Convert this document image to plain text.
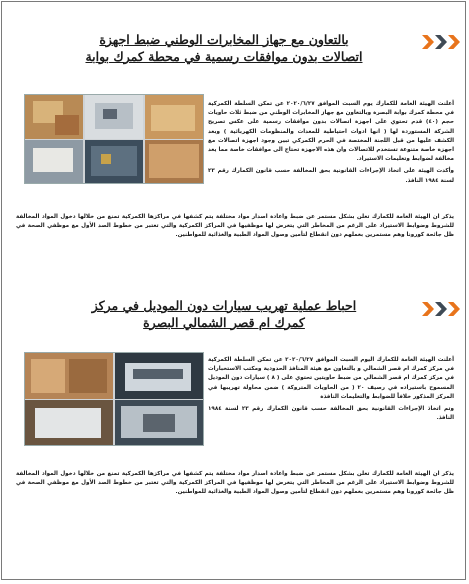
بالتعاون مع جهاز المخابرات الوطني ضبط اجهزة
اتصالات بدون موافقات رسمية في محطة كمرك بوابة

أعلنت الهيئة العامة للكمارك يوم السبت الموافق ٢٠٢٠/٦/٢٧ عن تمكن السلطة الكمركية في محطة كمرك بوابة البصرة وبالتعاون مع جهاز المخابرات الوطني من ضبط ثلاث حاويات حجم (٤٠) قدم تحتوي على اجهزة اتصالات بدون موافقات رسمية على عكس تصريح الشركة المستوردة لها ( انها ادوات احتياطية للمعدات والمنظومات الكهربائية ) وبعد الكشف عليها من قبل اللجنة المختصة في الحرم الكمركي تبين وجود اجهزة اتصالات مع اجهزة خاصة متنوعة تستخدم للاتصالات وان هذه الاجهزة تحتاج الى موافقات خاصة مما يعد مخالفة لضوابط وتعليمات الاستيراد.

وأكدت الهيئة على اتخاذ الإجراءات القانونية بحق المخالفة حسب قانون الكمارك رقم ٢٣ لسنة ١٩٨٤ النافذ.

يذكر ان الهيئة العامة للكمارك تعلن بشكل مستمر عن ضبط واعادة اصدار مواد مختلفة يتم كشفها في مراكزها الكمركية تمنع من خلالها دخول المواد المخالفة للشروط وضوابط الاستيراد على الرغم من المخاطر التي يتعرض لها موظفيها في المراكز الكمركية والتي تعتبر من خطوط الصد الأول مع موظفي الصحة في ظل جائحة كورونا وهم مستمرين بعملهم دون انقطاع لتأمين وصول المواد الطبية والغذائية للمواطنين.

احباط عملية تهريب سيارات دون الموديل في مركز
كمرك ام قصر الشمالي البصرة

أعلنت الهيئة العامة للكمارك اليوم السبت الموافق ٢٠٢٠/٦/٢٧ عن تمكن السلطة الكمركية في مركز كمرك ام قصر الشمالي و بالتعاون مع هيئة المنافذ الحدودية ومكتب الاستخبارات في مركز كمرك ام قصر الشمالي من ضبط حاويتين تحتوي على ( ٨ ) سيارات دون الموديل المسموح باستيراده في رصيف ٢٠ ( من الحاويات المتروكة ) ضمن محاولة تهريبها في المركز المذكور خلافاً للضوابط والتعليمات النافذة

وتم اتخاذ الإجراءات القانونية بحق المخالفة حسب قانون الكمارك رقم ٢٣ لسنة ١٩٨٤ النافذ.

يذكر ان الهيئة العامة للكمارك تعلن بشكل مستمر عن ضبط واعادة اصدار مواد مختلفة يتم كشفها في مراكزها الكمركية تمنع من خلالها دخول المواد المخالفة للشروط وضوابط الاستيراد على الرغم من المخاطر التي يتعرض لها موظفيها في المراكز الكمركية والتي تعتبر من خطوط الصد الأول مع موظفي الصحة في ظل جائحة كورونا وهم مستمرين بعملهم دون انقطاع لتأمين وصول المواد الطبية والغذائية للمواطنين.
